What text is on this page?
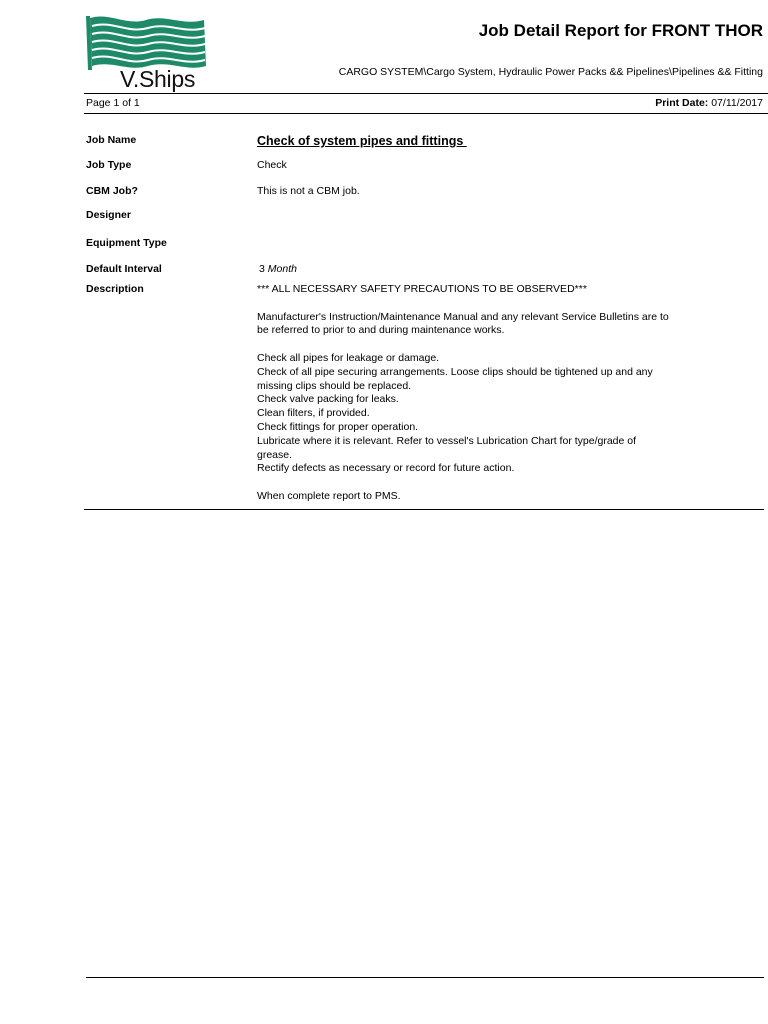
V.Ships
Job Detail Report for FRONT THOR
CARGO SYSTEM\Cargo System, Hydraulic Power Packs && Pipelines\Pipelines && Fitting
Page 1 of 1	Print Date: 07/11/2017
Job Name	Check of system pipes and fittings
Job Type	Check
CBM Job?	This is not a CBM job.
Designer
Equipment Type
Default Interval	3 Month
Description	*** ALL NECESSARY SAFETY PRECAUTIONS TO BE OBSERVED***

Manufacturer's Instruction/Maintenance Manual and any relevant Service Bulletins are to

be referred to prior to and during maintenance works.

Check all pipes for leakage or damage.

Check of all pipe securing arrangements. Loose clips should be tightened up and any

missing clips should be replaced.

Check valve packing for leaks.

Clean filters, if provided.

Check fittings for proper operation.

Lubricate where it is relevant. Refer to vessel's Lubrication Chart for type/grade of

grease.

Rectify defects as necessary or record for future action.

When complete report to PMS.
